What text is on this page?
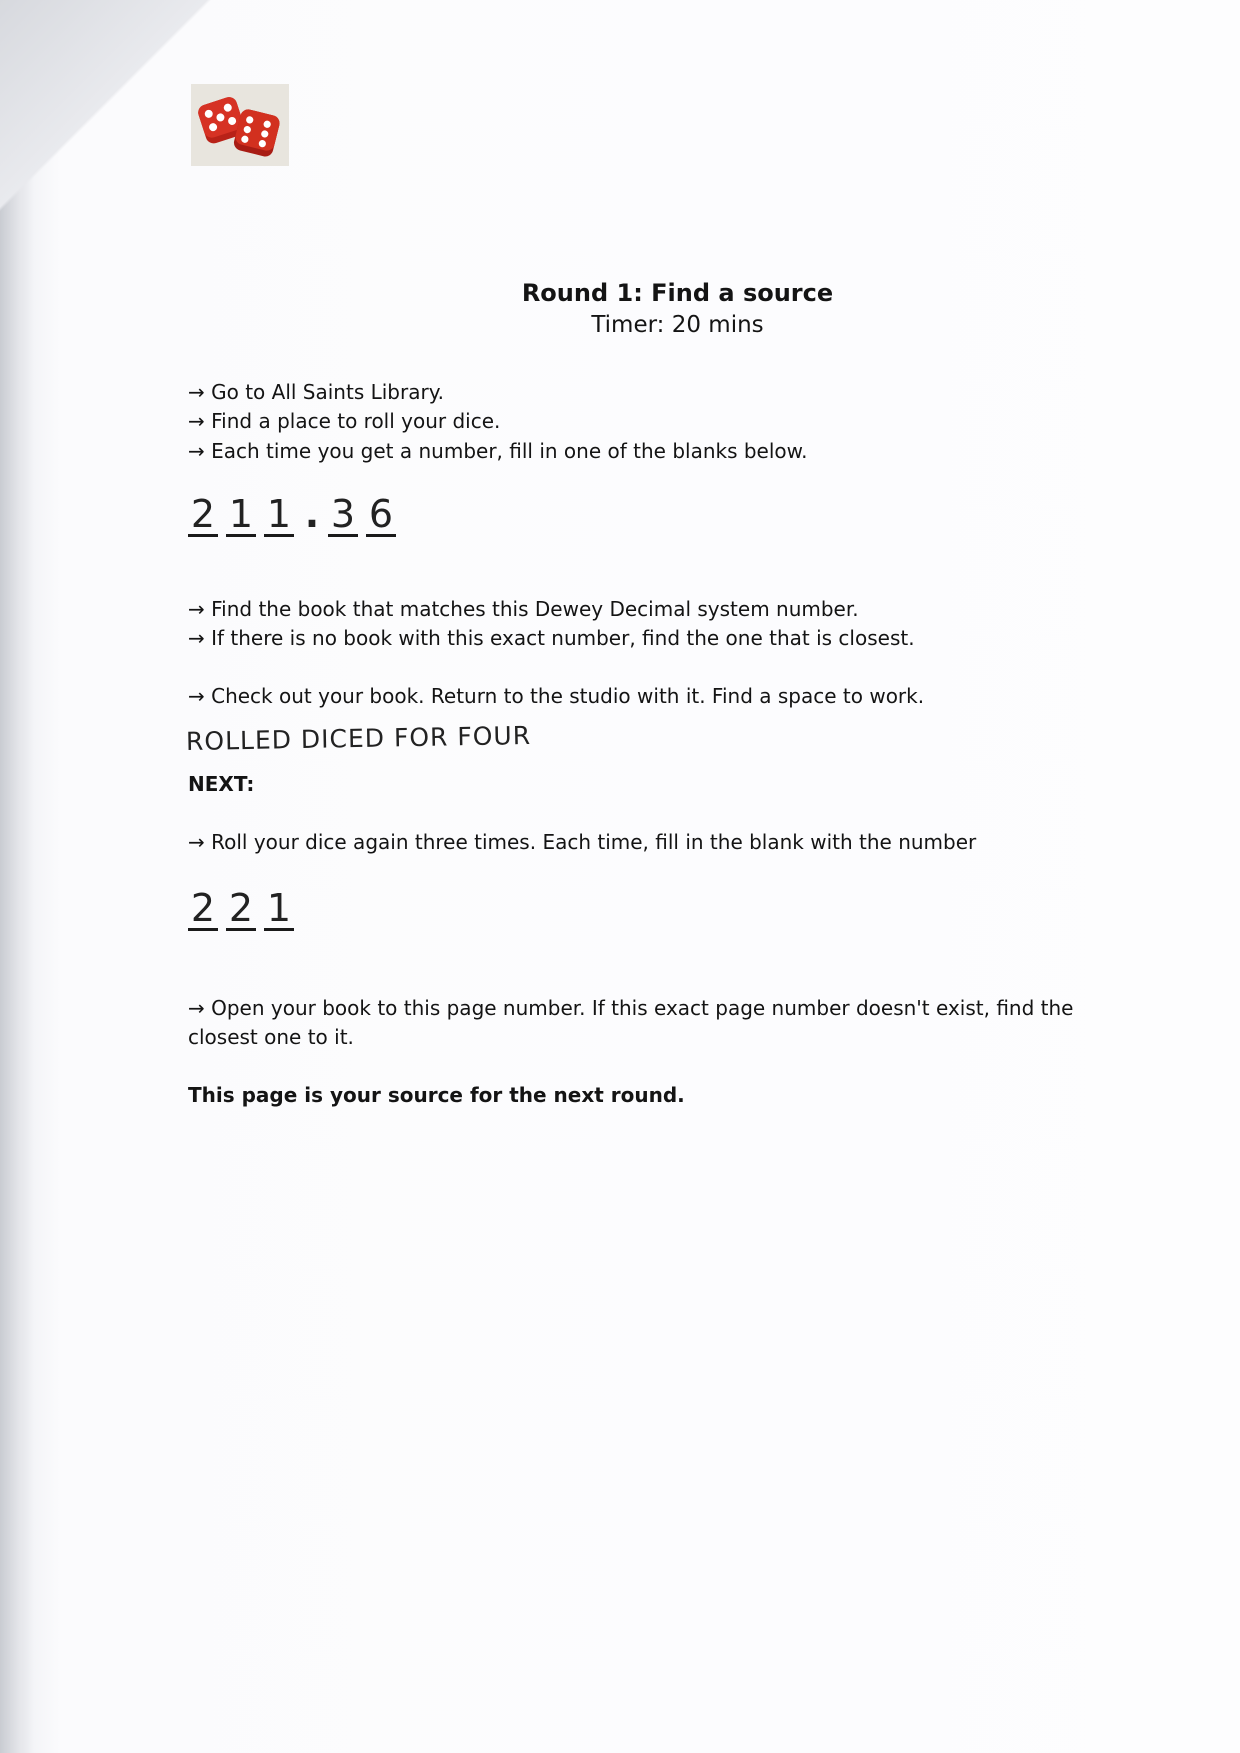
Round 1: Find a source
Timer: 20 mins

→ Go to All Saints Library.

→ Find a place to roll your dice.

→ Each time you get a number, fill in one of the blanks below.

2 1 1 . 3 6

→ Find the book that matches this Dewey Decimal system number.

→ If there is no book with this exact number, find the one that is closest.

→ Check out your book. Return to the studio with it. Find a space to work.

ROLLED DICED FOR FOUR

NEXT:

→ Roll your dice again three times. Each time, fill in the blank with the number

2 2 1

→ Open your book to this page number. If this exact page number doesn't exist, find the

closest one to it.

This page is your source for the next round.
